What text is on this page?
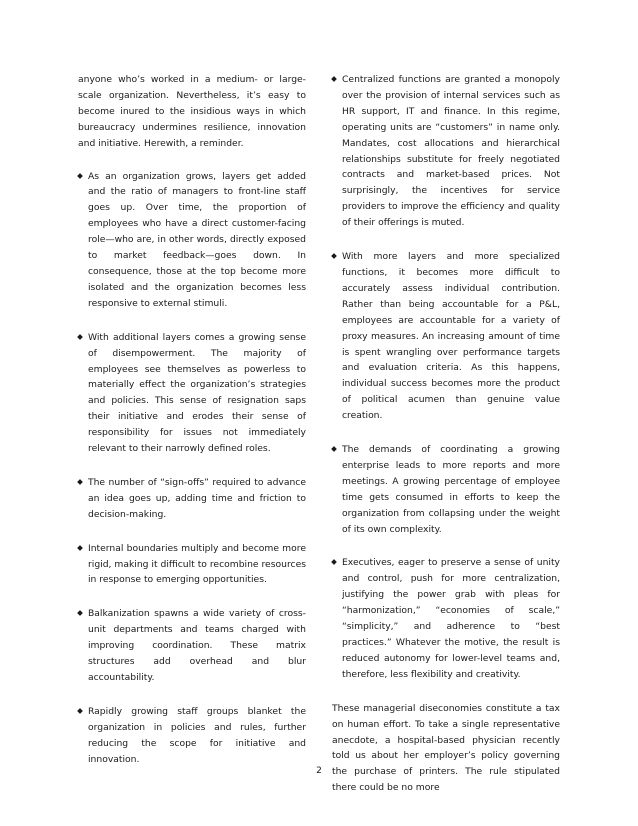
anyone who’s worked in a medium- or large-scale organization. Nevertheless, it’s easy to become inured to the insidious ways in which bureaucracy undermines resilience, innovation and initiative. Herewith, a reminder.

As an organization grows, layers get added and the ratio of managers to front-line staff goes up. Over time, the proportion of employees who have a direct customer-facing role—who are, in other words, directly exposed to market feedback—goes down. In consequence, those at the top become more isolated and the organization becomes less responsive to external stimuli.
With additional layers comes a growing sense of disempowerment. The majority of employees see themselves as powerless to materially effect the organization’s strategies and policies. This sense of resignation saps their initiative and erodes their sense of responsibility for issues not immediately relevant to their narrowly defined roles.
The number of “sign-offs” required to advance an idea goes up, adding time and friction to decision-making.
Internal boundaries multiply and become more rigid, making it difficult to recombine resources in response to emerging opportunities.
Balkanization spawns a wide variety of cross-unit departments and teams charged with improving coordination. These matrix structures add overhead and blur accountability.
Rapidly growing staff groups blanket the organization in policies and rules, further reducing the scope for initiative and innovation.
Centralized functions are granted a monopoly over the provision of internal services such as HR support, IT and finance. In this regime, operating units are “customers” in name only. Mandates, cost allocations and hierarchical relationships substitute for freely negotiated contracts and market-based prices. Not surprisingly, the incentives for service providers to improve the efficiency and quality of their offerings is muted.
With more layers and more specialized functions, it becomes more difficult to accurately assess individual contribution. Rather than being accountable for a P&L, employees are accountable for a variety of proxy measures. An increasing amount of time is spent wrangling over performance targets and evaluation criteria. As this happens, individual success becomes more the product of political acumen than genuine value creation.
The demands of coordinating a growing enterprise leads to more reports and more meetings. A growing percentage of employee time gets consumed in efforts to keep the organization from collapsing under the weight of its own complexity.
Executives, eager to preserve a sense of unity and control, push for more centralization, justifying the power grab with pleas for “harmonization,” “economies of scale,” “simplicity,” and adherence to “best practices.” Whatever the motive, the result is reduced autonomy for lower-level teams and, therefore, less flexibility and creativity.

These managerial diseconomies constitute a tax on human effort. To take a single representative anecdote, a hospital-based physician recently told us about her employer’s policy governing the purchase of printers. The rule stipulated there could be no more

2
